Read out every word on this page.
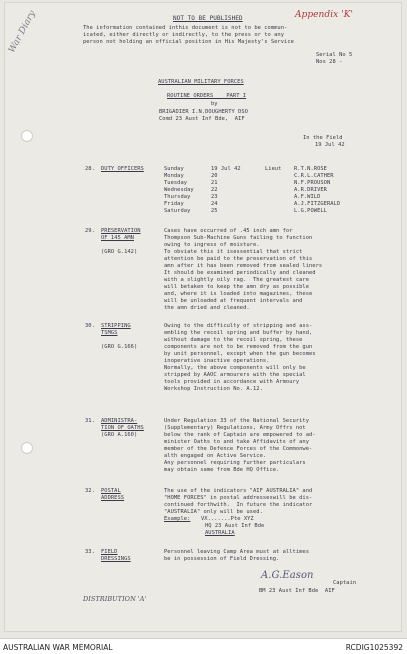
NOT TO BE PUBLISHED	Appendix 'K'
War Diary	The information contained inthis document is not to be commun-
icated, either directly or indirectly, to the press or to any
person not holding an official position in His Majesty's Service
Serial No 5
Nos 28 -
AUSTRALIAN MILITARY FORCES
ROUTINE ORDERS    PART I
by
BRIGADIER I.N.DOUGHERTY DSO
Comd 23 Aust Inf Bde,  AIF
In the Field
19 Jul 42
28. DUTY OFFICERS	Sunday	19 Jul 42	Lieut R.T.N.ROSE
Monday	20	C.R.L.CATHER
Tuesday	21	N.F.PROUSON
Wednesday	22	A.R.DRIVER
Thursday	23	A.F.WILD
Friday	24	A.J.FITZGERALD
Saturday	25	L.G.POWELL
29. PRESERVATION
OF 145 AMN
(GRO G.142)
Cases have occurred of .45 inch amn for
Thompson Sub-Machine Guns failing to function
owing to ingress of moisture.
To obviate this it isessential that strict
attention be paid to the preservation of this
amn after it has been removed from sealed liners
It should be examined periodically and cleaned
with a slightly oily rag.  The greatest care
will betaken to keep the amn dry as possible
and, where it is loaded into magazines, these
will be unloaded at frequent intervals and
the amn dried and cleaned.
30. STRIPPING
TSMGS
(GRO G.166)
Owing to the difficulty of stripping and ass-
embling the recoil spring and buffer by hand,
without damage to the recoil spring, these
components are not to be removed from the gun
by unit personnel, except when the gun becomes
inoperative inactive operations.
Normally, the above components will only be
stripped by AAOC armourers with the special
tools provided in accordance with Armoury
Workshop Instruction No. A.12.
31. ADMINISTRA-
TION OF OATHS
(GRO A.160)
Under Regulation 33 of the National Security
(Supplementary) Regulations, Army Offrs not
below the rank of Captain are empowered to ad-
minister Oaths to and take Affidavits of any
member of the Defence Forces of the Commonwe-
alth engaged on Active Service.
Any personnel requiring further particulars
may obtain same from Bde HQ Office.
32. POSTAL
ADDRESS
The use of the indicators "AIF AUSTRALIA" and
"HOME FORCES" in postal addresseswill be dis-
continued forthwith.  In future the indicator
"AUSTRALIA" only will be used.
Example: VX.......Pte XYZ
HQ 23 Aust Inf Bde
AUSTRALIA
33. FIELD
DRESSINGS
Personnel leaving Camp Area must at alltimes
be in possession of Field Dressing.
A.G.Eason
Captain
BM 23 Aust Inf Bde  AIF
DISTRIBUTION 'A'
AUSTRALIAN WAR MEMORIAL	RCDIG1025392
